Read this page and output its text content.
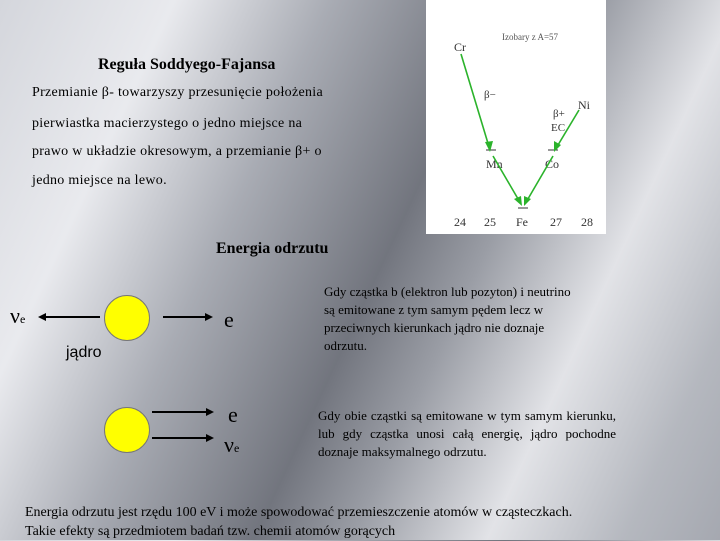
Reguła Soddyego-Fajansa
Przemianie β- towarzyszy przesunięcie położenia
pierwiastka macierzystego o jedno miejsce na
prawo w układzie okresowym, a przemianie β+ o
jedno miejsce na lewo.
Izobary z A=57
Cr
Ni
Mn	Co
Fe
β−
β+
EC
24 25	27 28
Energia odrzutu
νe	e
jądro
e
νe
Gdy cząstka b (elektron lub pozyton) i neutrino są emitowane z tym samym pędem lecz w przeciwnych kierunkach jądro nie doznaje odrzutu.
Gdy obie cząstki są emitowane w tym samym kierunku, lub gdy cząstka unosi całą energię, jądro pochodne doznaje maksymalnego odrzutu.
Energia odrzutu jest rzędu 100 eV i może spowodować przemieszczenie atomów w cząsteczkach.
Takie efekty są przedmiotem badań tzw. chemii atomów gorących
